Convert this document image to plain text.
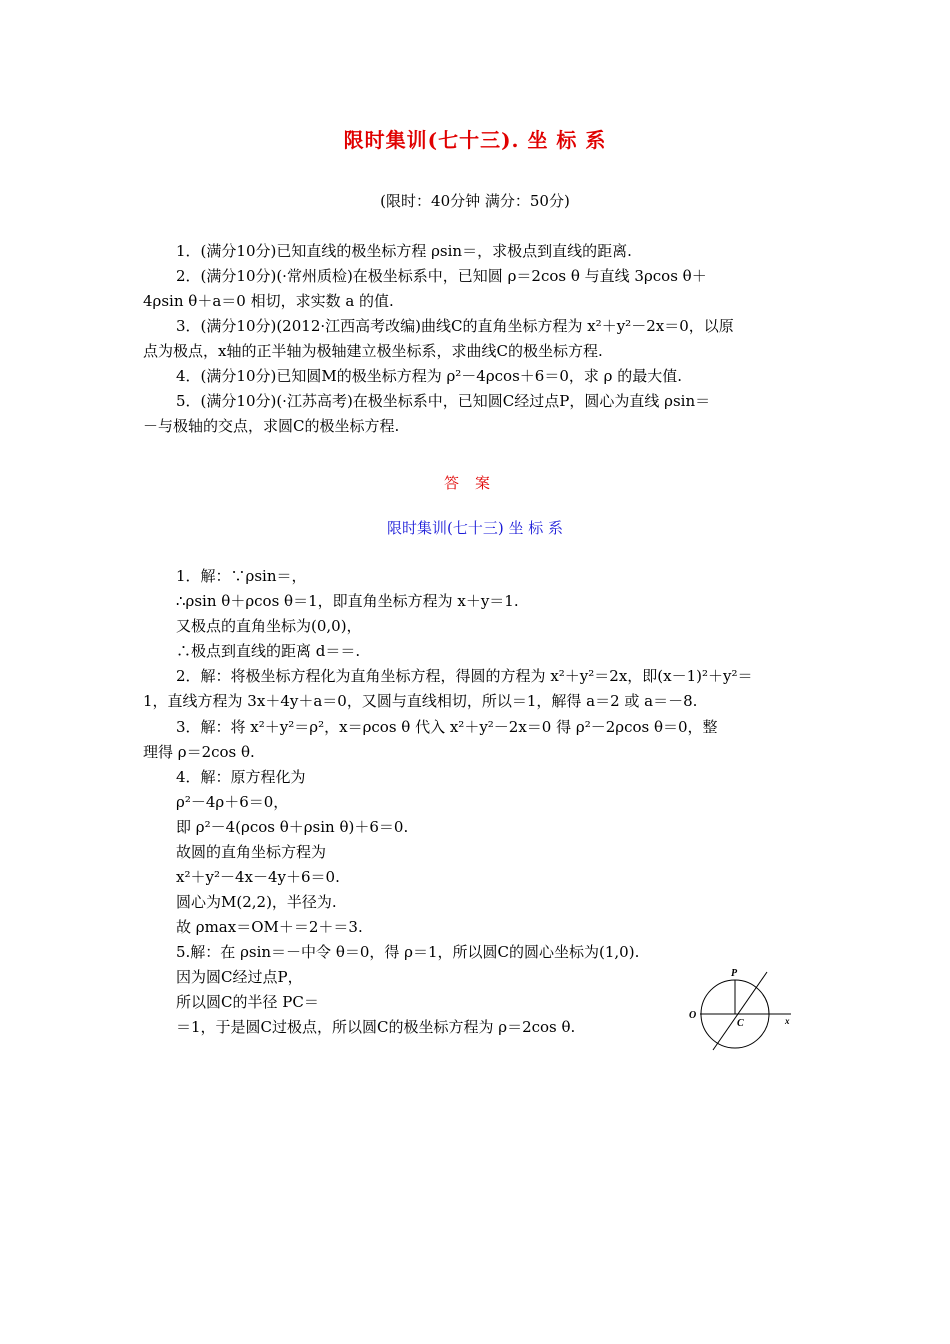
限时集训(七十三). 坐 标 系
(限时：40分钟 满分：50分)
1．(满分10分)已知直线的极坐标方程 ρsin＝，求极点到直线的距离.
2．(满分10分)(·常州质检)在极坐标系中，已知圆 ρ＝2cos θ 与直线 3ρcos θ＋
4ρsin θ＋a＝0 相切，求实数 a 的值.
3．(满分10分)(2012·江西高考改编)曲线C的直角坐标方程为 x²＋y²－2x＝0，以原
点为极点，x轴的正半轴为极轴建立极坐标系，求曲线C的极坐标方程.
4．(满分10分)已知圆M的极坐标方程为 ρ²－4ρcos＋6＝0，求 ρ 的最大值.
5．(满分10分)(·江苏高考)在极坐标系中，已知圆C经过点P，圆心为直线 ρsin＝
－与极轴的交点，求圆C的极坐标方程.
答案
限时集训(七十三) 坐 标 系
1．解：∵ρsin＝，
∴ρsin θ＋ρcos θ＝1，即直角坐标方程为 x＋y＝1.
又极点的直角坐标为(0,0)，
∴极点到直线的距离 d＝＝.
2．解：将极坐标方程化为直角坐标方程，得圆的方程为 x²＋y²＝2x，即(x－1)²＋y²＝
1，直线方程为 3x＋4y＋a＝0，又圆与直线相切，所以＝1，解得 a＝2 或 a＝－8.
3．解：将 x²＋y²＝ρ²，x＝ρcos θ 代入 x²＋y²－2x＝0 得 ρ²－2ρcos θ＝0，整
理得 ρ＝2cos θ.
4．解：原方程化为
ρ²－4ρ＋6＝0，
即 ρ²－4(ρcos θ＋ρsin θ)＋6＝0.
故圆的直角坐标方程为
x²＋y²－4x－4y＋6＝0.
圆心为M(2,2)，半径为.
故 ρmax＝OM＋＝2＋＝3.
5.解：在 ρsin＝－中令 θ＝0，得 ρ＝1，所以圆C的圆心坐标为(1,0).
因为圆C经过点P，
所以圆C的半径 PC＝
＝1，于是圆C过极点，所以圆C的极坐标方程为 ρ＝2cos θ.
P
O
C	x
